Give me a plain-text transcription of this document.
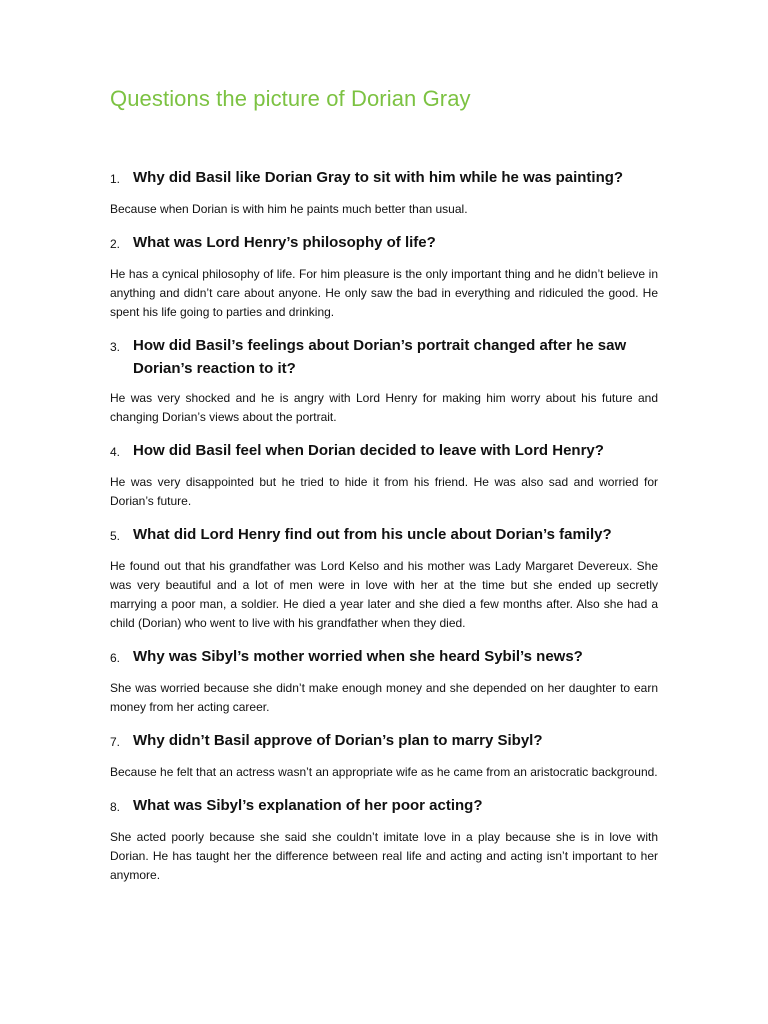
Questions the picture of Dorian Gray
1. Why did Basil like Dorian Gray to sit with him while he was painting?

Because when Dorian is with him he paints much better than usual.

2. What was Lord Henry’s philosophy of life?

He has a cynical philosophy of life. For him pleasure is the only important thing and he didn’t believe in anything and didn’t care about anyone. He only saw the bad in everything and ridiculed the good. He spent his life going to parties and drinking.

3. How did Basil’s feelings about Dorian’s portrait changed after he saw Dorian’s reaction to it?

He was very shocked and he is angry with Lord Henry for making him worry about his future and changing Dorian’s views about the portrait.

4. How did Basil feel when Dorian decided to leave with Lord Henry?

He was very disappointed but he tried to hide it from his friend. He was also sad and worried for Dorian’s future.

5. What did Lord Henry find out from his uncle about Dorian’s family?

He found out that his grandfather was Lord Kelso and his mother was Lady Margaret Devereux. She was very beautiful and a lot of men were in love with her at the time but she ended up secretly marrying a poor man, a soldier. He died a year later and she died a few months after. Also she had a child (Dorian) who went to live with his grandfather when they died.

6. Why was Sibyl’s mother worried when she heard Sybil’s news?

She was worried because she didn’t make enough money and she depended on her daughter to earn money from her acting career.

7. Why didn’t Basil approve of Dorian’s plan to marry Sibyl?

Because he felt that an actress wasn’t an appropriate wife as he came from an aristocratic background.

8. What was Sibyl’s explanation of her poor acting?

She acted poorly because she said she couldn’t imitate love in a play because she is in love with Dorian. He has taught her the difference between real life and acting and acting isn’t important to her anymore.
